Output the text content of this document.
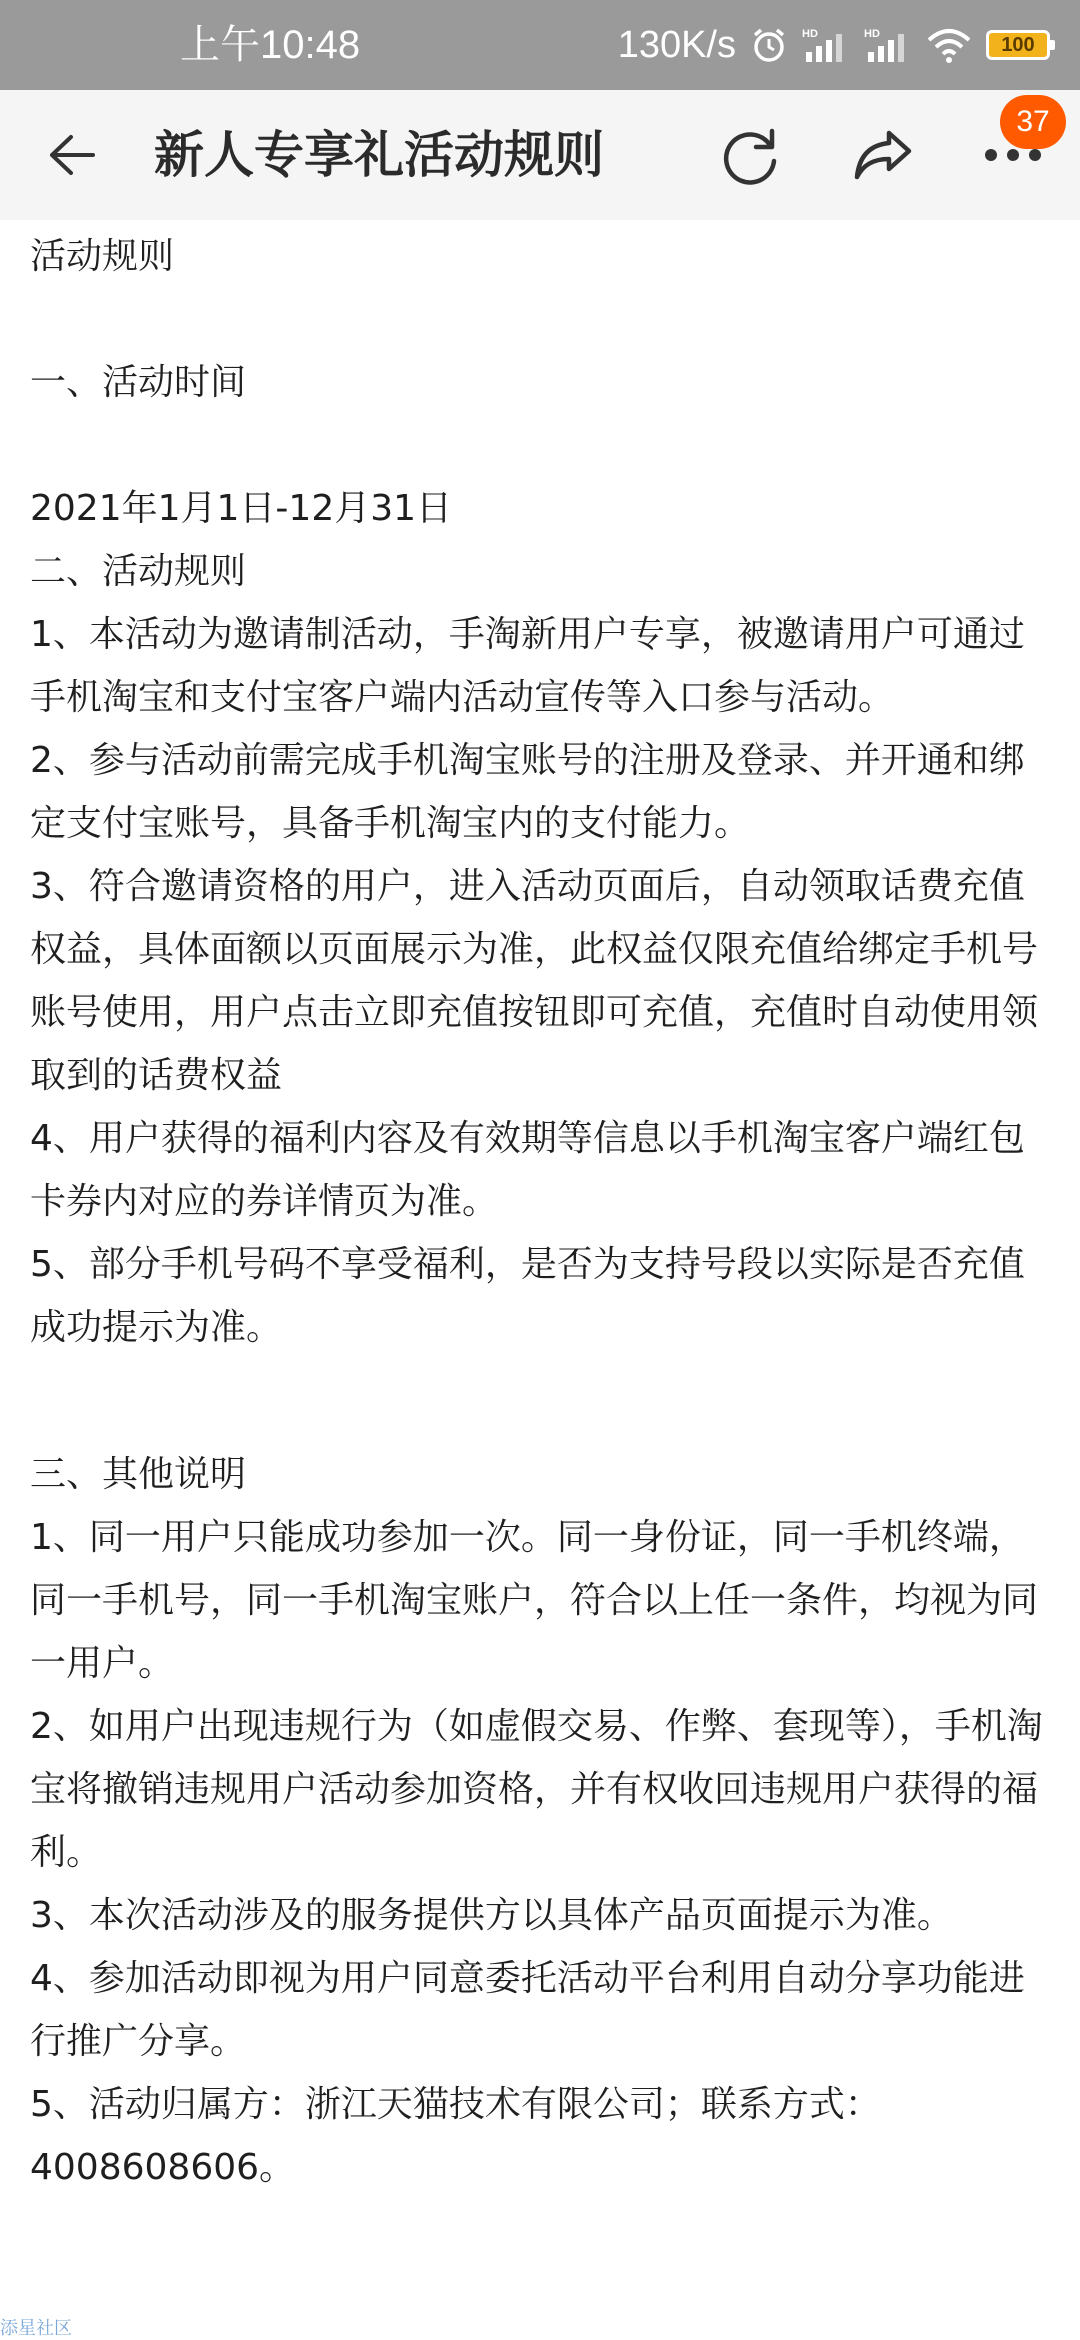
上午10:48	130K/s	HD	HD	100
新人专享礼活动规则
37

活动规则

一、活动时间

2021年1月1日-12月31日

二、活动规则

1、本活动为邀请制活动，手淘新用户专享，被邀请用户可通过手机淘宝和支付宝客户端内活动宣传等入口参与活动。

2、参与活动前需完成手机淘宝账号的注册及登录、并开通和绑定支付宝账号，具备手机淘宝内的支付能力。

3、符合邀请资格的用户，进入活动页面后，自动领取话费充值权益，具体面额以页面展示为准，此权益仅限充值给绑定手机号账号使用，用户点击立即充值按钮即可充值，充值时自动使用领取到的话费权益

4、用户获得的福利内容及有效期等信息以手机淘宝客户端红包卡券内对应的券详情页为准。

5、部分手机号码不享受福利，是否为支持号段以实际是否充值成功提示为准。

三、其他说明

1、同一用户只能成功参加一次。同一身份证，同一手机终端，同一手机号，同一手机淘宝账户，符合以上任一条件，均视为同一用户。

2、如用户出现违规行为（如虚假交易、作弊、套现等），手机淘宝将撤销违规用户活动参加资格，并有权收回违规用户获得的福利。

3、本次活动涉及的服务提供方以具体产品页面提示为准。

4、参加活动即视为用户同意委托活动平台利用自动分享功能进行推广分享。

5、活动归属方：浙江天猫技术有限公司；联系方式：4008608606。

添星社区
